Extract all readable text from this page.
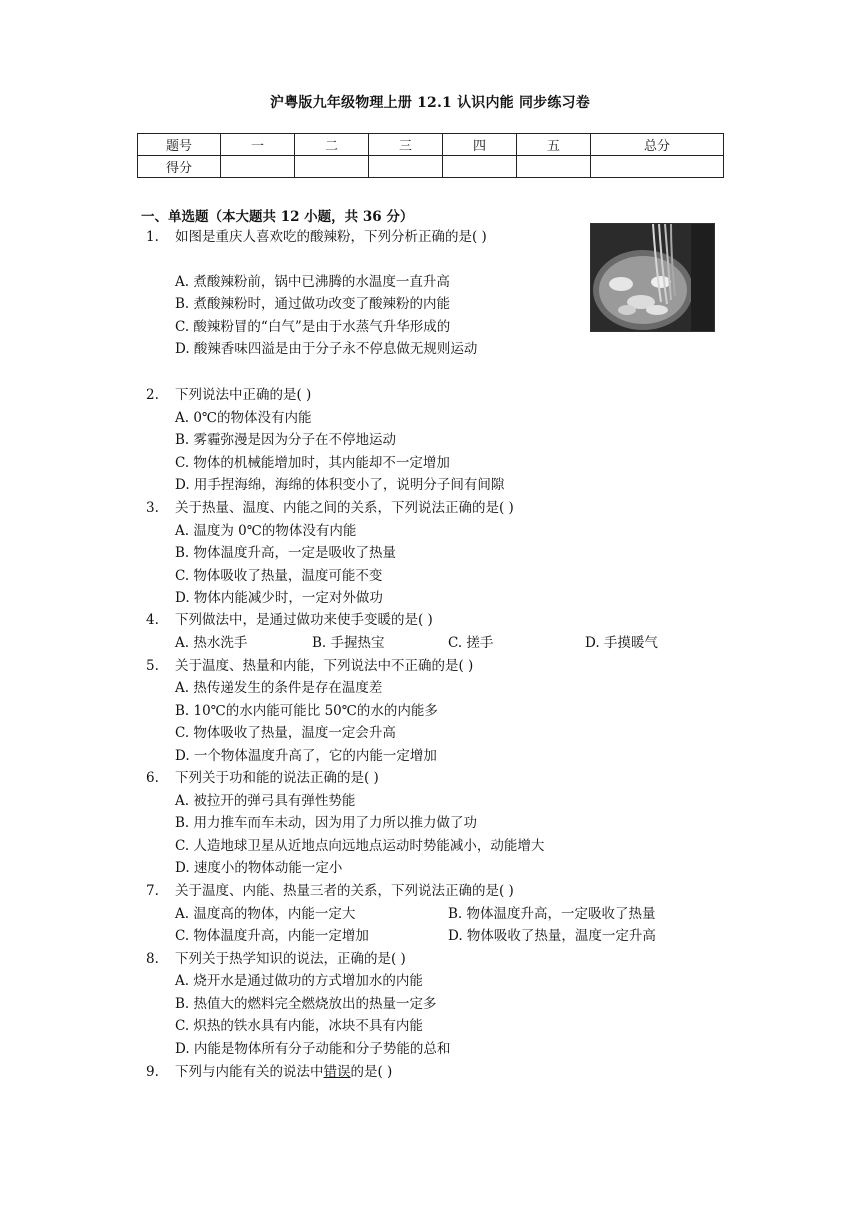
沪粤版九年级物理上册 12.1 认识内能 同步练习卷
题号	一	二	三	四	五	总分
得分						
一、单选题（本大题共 12 小题，共 36 分）
1. 如图是重庆人喜欢吃的酸辣粉，下列分析正确的是( )
A. 煮酸辣粉前，锅中已沸腾的水温度一直升高
B. 煮酸辣粉时，通过做功改变了酸辣粉的内能
C. 酸辣粉冒的“白气”是由于水蒸气升华形成的
D. 酸辣香味四溢是由于分子永不停息做无规则运动
2. 下列说法中正确的是( )
A. 0℃的物体没有内能
B. 雾霾弥漫是因为分子在不停地运动
C. 物体的机械能增加时，其内能却不一定增加
D. 用手捏海绵，海绵的体积变小了，说明分子间有间隙
3. 关于热量、温度、内能之间的关系，下列说法正确的是( )
A. 温度为 0℃的物体没有内能
B. 物体温度升高，一定是吸收了热量
C. 物体吸收了热量，温度可能不变
D. 物体内能减少时，一定对外做功
4. 下列做法中，是通过做功来使手变暖的是( )
A. 热水洗手	B. 手握热宝	C. 搓手	D. 手摸暖气
5. 关于温度、热量和内能，下列说法中不正确的是( )
A. 热传递发生的条件是存在温度差
B. 10℃的水内能可能比 50℃的水的内能多
C. 物体吸收了热量，温度一定会升高
D. 一个物体温度升高了，它的内能一定增加
6. 下列关于功和能的说法正确的是( )
A. 被拉开的弹弓具有弹性势能
B. 用力推车而车未动，因为用了力所以推力做了功
C. 人造地球卫星从近地点向远地点运动时势能减小，动能增大
D. 速度小的物体动能一定小
7. 关于温度、内能、热量三者的关系，下列说法正确的是( )
A. 温度高的物体，内能一定大	B. 物体温度升高，一定吸收了热量
C. 物体温度升高，内能一定增加	D. 物体吸收了热量，温度一定升高
8. 下列关于热学知识的说法，正确的是( )
A. 烧开水是通过做功的方式增加水的内能
B. 热值大的燃料完全燃烧放出的热量一定多
C. 炽热的铁水具有内能，冰块不具有内能
D. 内能是物体所有分子动能和分子势能的总和
9. 下列与内能有关的说法中错误的是( )
